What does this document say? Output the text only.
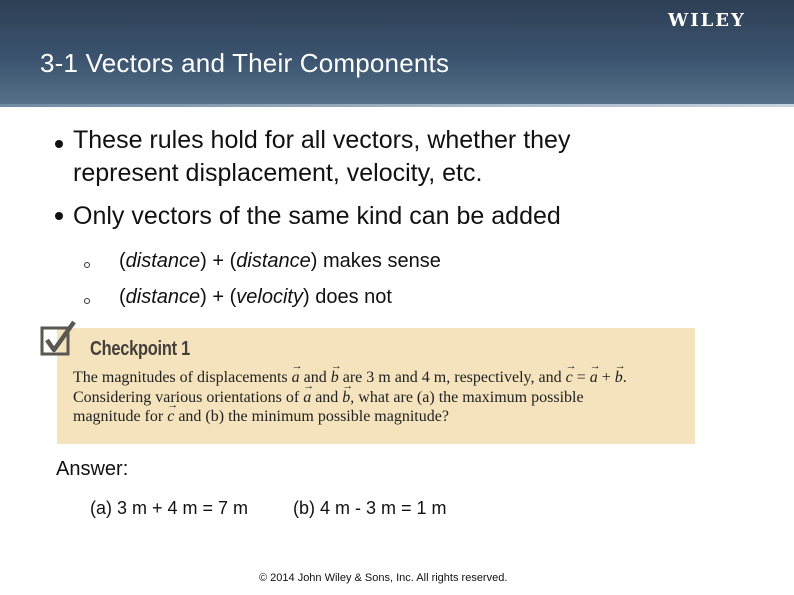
WILEY
3-1 Vectors and Their Components
These rules hold for all vectors, whether they
represent displacement, velocity, etc.
Only vectors of the same kind can be added
(distance) + (distance) makes sense
(distance) + (velocity) does not
Checkpoint 1
The magnitudes of displacements → a and → b are 3 m and 4 m, respectively, and → c = → a + → b.
Considering various orientations of → a and → b, what are (a) the maximum possible
magnitude for → c and (b) the minimum possible magnitude?
Answer:
(a) 3 m + 4 m = 7 m (b) 4 m - 3 m = 1 m
© 2014 John Wiley & Sons, Inc. All rights reserved.
